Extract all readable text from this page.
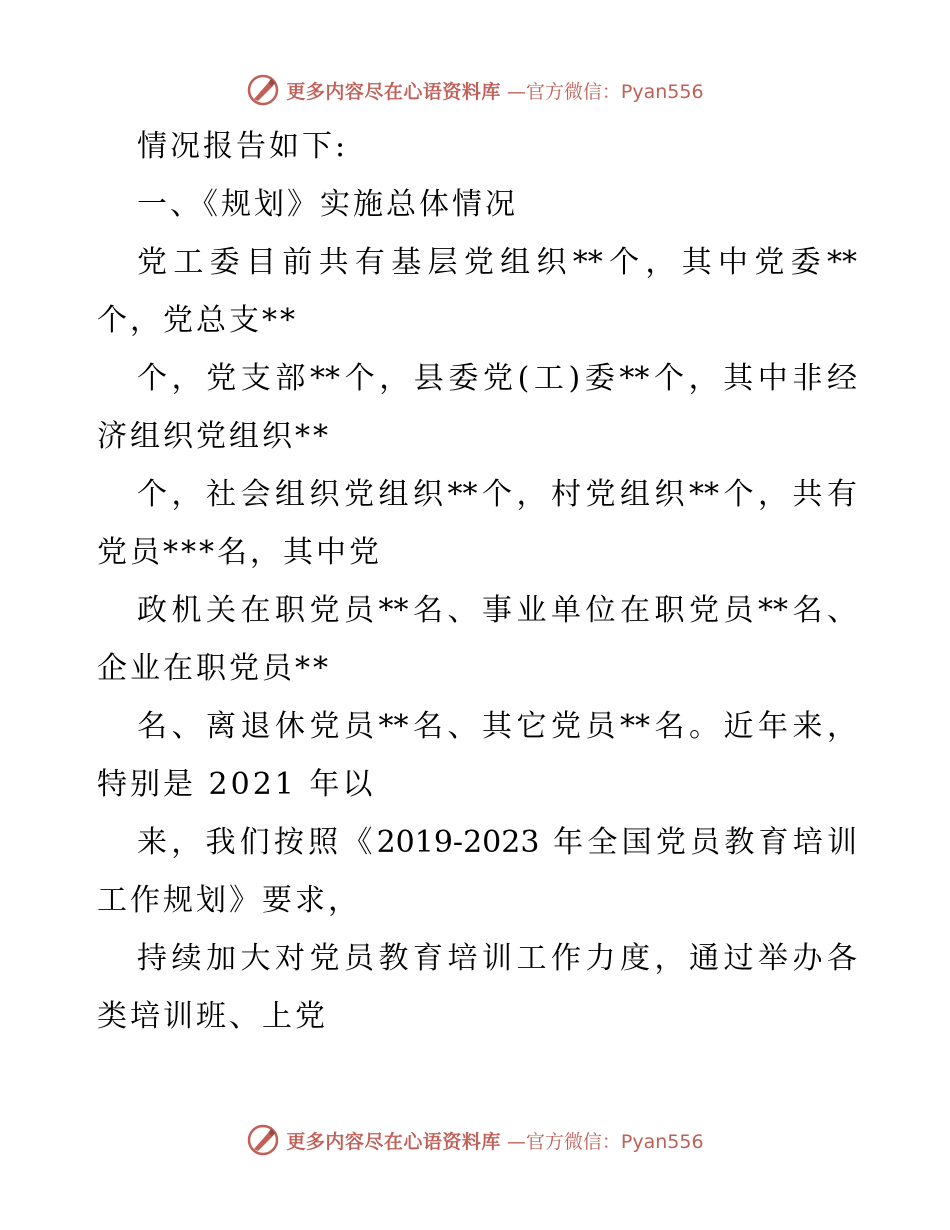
更多内容尽在心语资料库 —官方微信：Pyan556
情况报告如下:
一、《规划》实施总体情况
党工委目前共有基层党组织**个，其中党委**
个，党总支**
个，党支部**个，县委党(工)委**个，其中非经
济组织党组织**
个，社会组织党组织**个，村党组织**个，共有
党员***名，其中党
政机关在职党员**名、事业单位在职党员**名、
企业在职党员**
名、离退休党员**名、其它党员**名。近年来，
特别是 2021 年以
来，我们按照《2019-2023 年全国党员教育培训
工作规划》要求，
持续加大对党员教育培训工作力度，通过举办各
类培训班、上党
更多内容尽在心语资料库 —官方微信：Pyan556
